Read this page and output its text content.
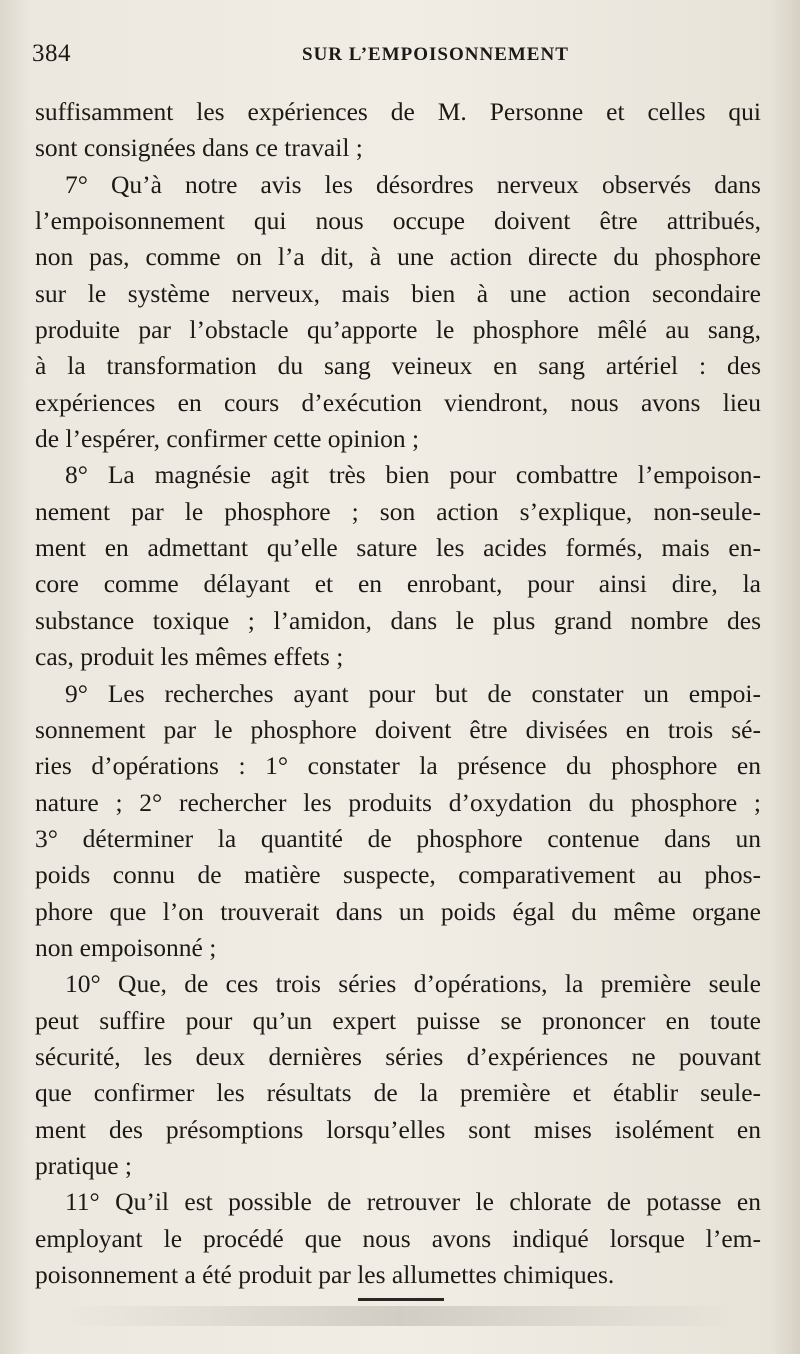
384	SUR L’EMPOISONNEMENT
suffisamment les expériences de M. Personne et celles qui
sont consignées dans ce travail ;
7° Qu’à notre avis les désordres nerveux observés dans
l’empoisonnement qui nous occupe doivent être attribués,
non pas, comme on l’a dit, à une action directe du phosphore
sur le système nerveux, mais bien à une action secondaire
produite par l’obstacle qu’apporte le phosphore mêlé au sang,
à la transformation du sang veineux en sang artériel : des
expériences en cours d’exécution viendront, nous avons lieu
de l’espérer, confirmer cette opinion ;
8° La magnésie agit très bien pour combattre l’empoison-
nement par le phosphore ; son action s’explique, non-seule-
ment en admettant qu’elle sature les acides formés, mais en-
core comme délayant et en enrobant, pour ainsi dire, la
substance toxique ; l’amidon, dans le plus grand nombre des
cas, produit les mêmes effets ;
9° Les recherches ayant pour but de constater un empoi-
sonnement par le phosphore doivent être divisées en trois sé-
ries d’opérations : 1° constater la présence du phosphore en
nature ; 2° rechercher les produits d’oxydation du phosphore ;
3° déterminer la quantité de phosphore contenue dans un
poids connu de matière suspecte, comparativement au phos-
phore que l’on trouverait dans un poids égal du même organe
non empoisonné ;
10° Que, de ces trois séries d’opérations, la première seule
peut suffire pour qu’un expert puisse se prononcer en toute
sécurité, les deux dernières séries d’expériences ne pouvant
que confirmer les résultats de la première et établir seule-
ment des présomptions lorsqu’elles sont mises isolément en
pratique ;
11° Qu’il est possible de retrouver le chlorate de potasse en
employant le procédé que nous avons indiqué lorsque l’em-
poisonnement a été produit par les allumettes chimiques.
